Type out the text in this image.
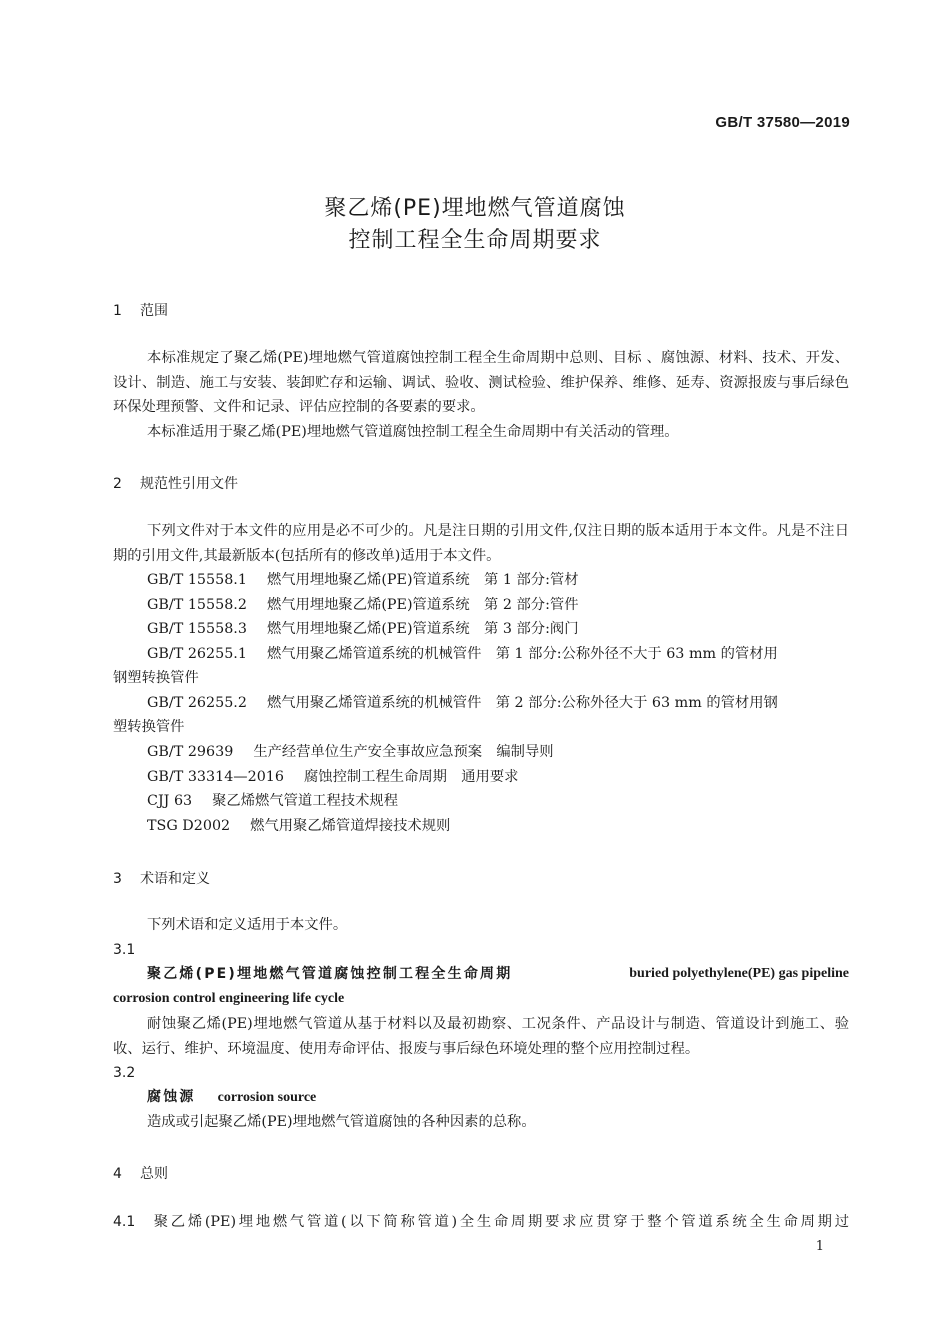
GB/T 37580—2019
聚乙烯(PE)埋地燃气管道腐蚀
控制工程全生命周期要求
1 范围
本标准规定了聚乙烯(PE)埋地燃气管道腐蚀控制工程全生命周期中总则、目标 、腐蚀源、材料、技术、开发、设计、制造、施工与安装、装卸贮存和运输、调试、验收、测试检验、维护保养、维修、延寿、资源报废与事后绿色环保处理预警、文件和记录、评估应控制的各要素的要求。
本标准适用于聚乙烯(PE)埋地燃气管道腐蚀控制工程全生命周期中有关活动的管理。
2 规范性引用文件
下列文件对于本文件的应用是必不可少的。凡是注日期的引用文件,仅注日期的版本适用于本文件。凡是不注日期的引用文件,其最新版本(包括所有的修改单)适用于本文件。
GB/T 15558.1 燃气用埋地聚乙烯(PE)管道系统　第 1 部分:管材
GB/T 15558.2 燃气用埋地聚乙烯(PE)管道系统　第 2 部分:管件
GB/T 15558.3 燃气用埋地聚乙烯(PE)管道系统　第 3 部分:阀门
GB/T 26255.1 燃气用聚乙烯管道系统的机械管件　第 1 部分:公称外径不大于 63 mm 的管材用
钢塑转换管件
GB/T 26255.2 燃气用聚乙烯管道系统的机械管件　第 2 部分:公称外径大于 63 mm 的管材用钢
塑转换管件
GB/T 29639 生产经营单位生产安全事故应急预案　编制导则
GB/T 33314—2016 腐蚀控制工程生命周期　通用要求
CJJ 63 聚乙烯燃气管道工程技术规程
TSG D2002 燃气用聚乙烯管道焊接技术规则
3 术语和定义
下列术语和定义适用于本文件。
3.1
聚乙烯(PE)埋地燃气管道腐蚀控制工程全生命周期	buried polyethylene(PE) gas pipeline
corrosion control engineering life cycle
耐蚀聚乙烯(PE)埋地燃气管道从基于材料以及最初勘察、工况条件、产品设计与制造、管道设计到施工、验收、运行、维护、环境温度、使用寿命评估、报废与事后绿色环境处理的整个应用控制过程。
3.2
腐蚀源 corrosion source
造成或引起聚乙烯(PE)埋地燃气管道腐蚀的各种因素的总称。
4 总则
4.1 聚乙烯(PE)埋地燃气管道(以下简称管道)全生命周期要求应贯穿于整个管道系统全生命周期过
1
